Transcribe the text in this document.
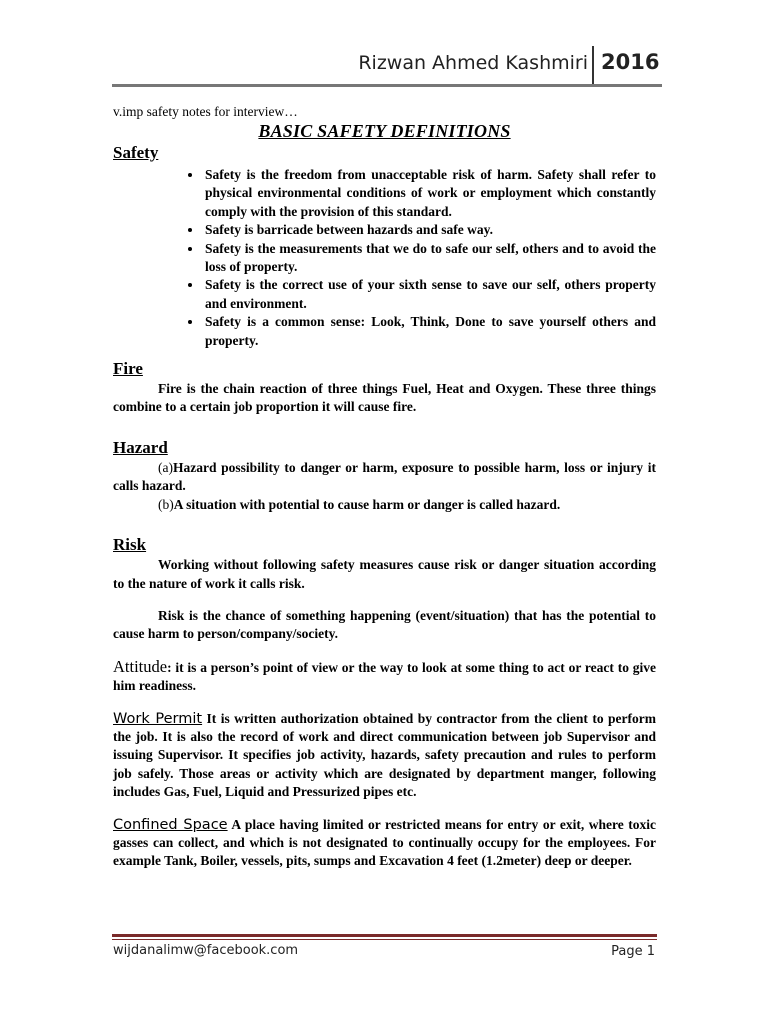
Rizwan Ahmed Kashmiri 2016

v.imp safety notes for interview…

BASIC SAFETY DEFINITIONS
Safety
• Safety is the freedom from unacceptable risk of harm. Safety shall refer to physical environmental conditions of work or employment which constantly comply with the provision of this standard.
• Safety is barricade between hazards and safe way.
• Safety is the measurements that we do to safe our self, others and to avoid the loss of property.
• Safety is the correct use of your sixth sense to save our self, others property and environment.
• Safety is a common sense: Look, Think, Done to save yourself others and property.
Fire

Fire is the chain reaction of three things Fuel, Heat and Oxygen. These three things combine to a certain job proportion it will cause fire.

Hazard

(a)Hazard possibility to danger or harm, exposure to possible harm, loss or injury it calls hazard.

(b)A situation with potential to cause harm or danger is called hazard.

Risk

Working without following safety measures cause risk or danger situation according to the nature of work it calls risk.

Risk is the chance of something happening (event/situation) that has the potential to cause harm to person/company/society.

Attitude: it is a person’s point of view or the way to look at some thing to act or react to give him readiness.

Work Permit It is written authorization obtained by contractor from the client to perform the job. It is also the record of work and direct communication between job Supervisor and issuing Supervisor. It specifies job activity, hazards, safety precaution and rules to perform job safely. Those areas or activity which are designated by department manger, following includes Gas, Fuel, Liquid and Pressurized pipes etc.

Confined Space A place having limited or restricted means for entry or exit, where toxic gasses can collect, and which is not designated to continually occupy for the employees. For example Tank, Boiler, vessels, pits, sumps and Excavation 4 feet (1.2meter) deep or deeper.

wijdanalimw@facebook.com	Page 1
